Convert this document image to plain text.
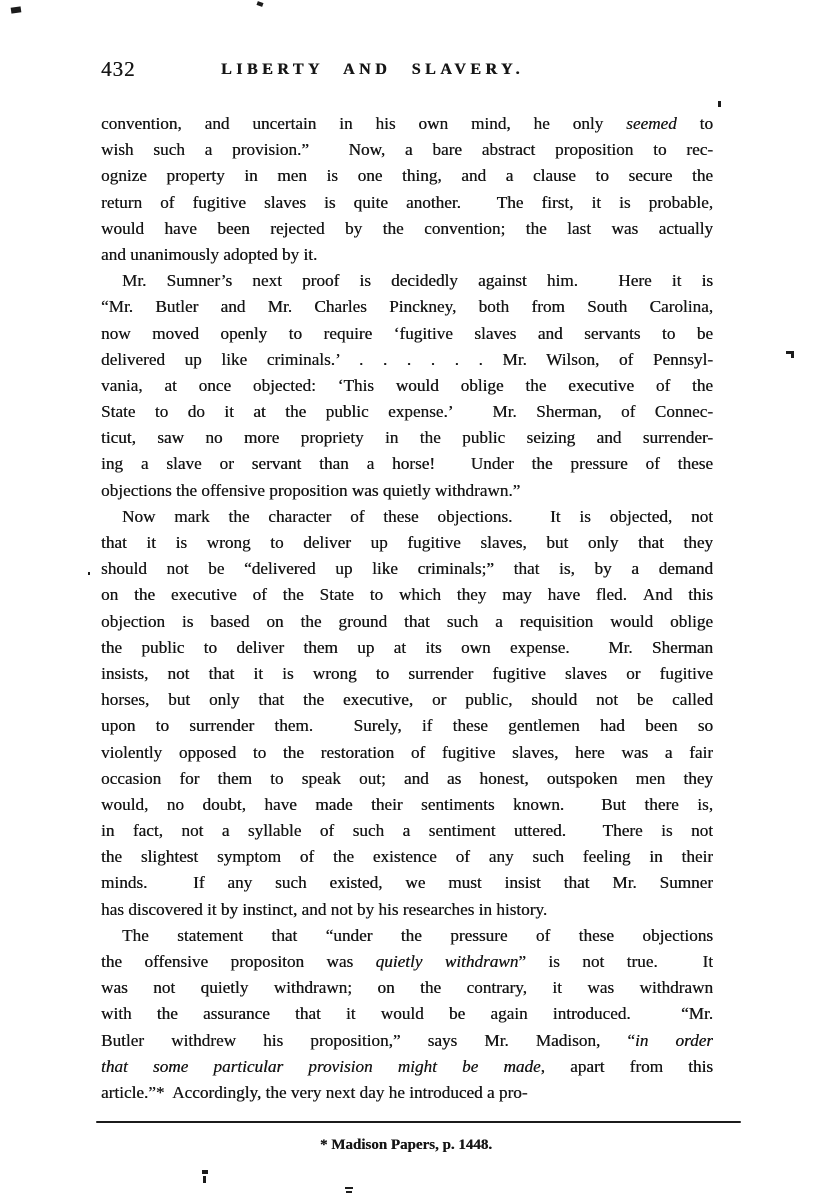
432	LIBERTY AND SLAVERY.
convention, and uncertain in his own mind, he only seemed to
wish such a provision.”  Now, a bare abstract proposition to rec-
ognize property in men is one thing, and a clause to secure the
return of fugitive slaves is quite another.  The first, it is probable,
would have been rejected by the convention; the last was actually
and unanimously adopted by it.
Mr. Sumner’s next proof is decidedly against him.  Here it is
“Mr. Butler and Mr. Charles Pinckney, both from South Carolina,
now moved openly to require ‘fugitive slaves and servants to be
delivered up like criminals.’ . . . . . . Mr. Wilson, of Pennsyl-
vania, at once objected: ‘This would oblige the executive of the
State to do it at the public expense.’  Mr. Sherman, of Connec-
ticut, saw no more propriety in the public seizing and surrender-
ing a slave or servant than a horse!  Under the pressure of these
objections the offensive proposition was quietly withdrawn.”
Now mark the character of these objections.  It is objected, not
that it is wrong to deliver up fugitive slaves, but only that they
should not be “delivered up like criminals;” that is, by a demand
on the executive of the State to which they may have fled. And this
objection is based on the ground that such a requisition would oblige
the public to deliver them up at its own expense.  Mr. Sherman
insists, not that it is wrong to surrender fugitive slaves or fugitive
horses, but only that the executive, or public, should not be called
upon to surrender them.  Surely, if these gentlemen had been so
violently opposed to the restoration of fugitive slaves, here was a fair
occasion for them to speak out; and as honest, outspoken men they
would, no doubt, have made their sentiments known.  But there is,
in fact, not a syllable of such a sentiment uttered.  There is not
the slightest symptom of the existence of any such feeling in their
minds.  If any such existed, we must insist that Mr. Sumner
has discovered it by instinct, and not by his researches in history.
The statement that “under the pressure of these objections
the offensive propositon was quietly withdrawn” is not true.  It
was not quietly withdrawn; on the contrary, it was withdrawn
with the assurance that it would be again introduced.  “Mr.
Butler withdrew his proposition,” says Mr. Madison, “in order
that some particular provision might be made, apart from this
article.”*  Accordingly, the very next day he introduced a pro-
* Madison Papers, p. 1448.
